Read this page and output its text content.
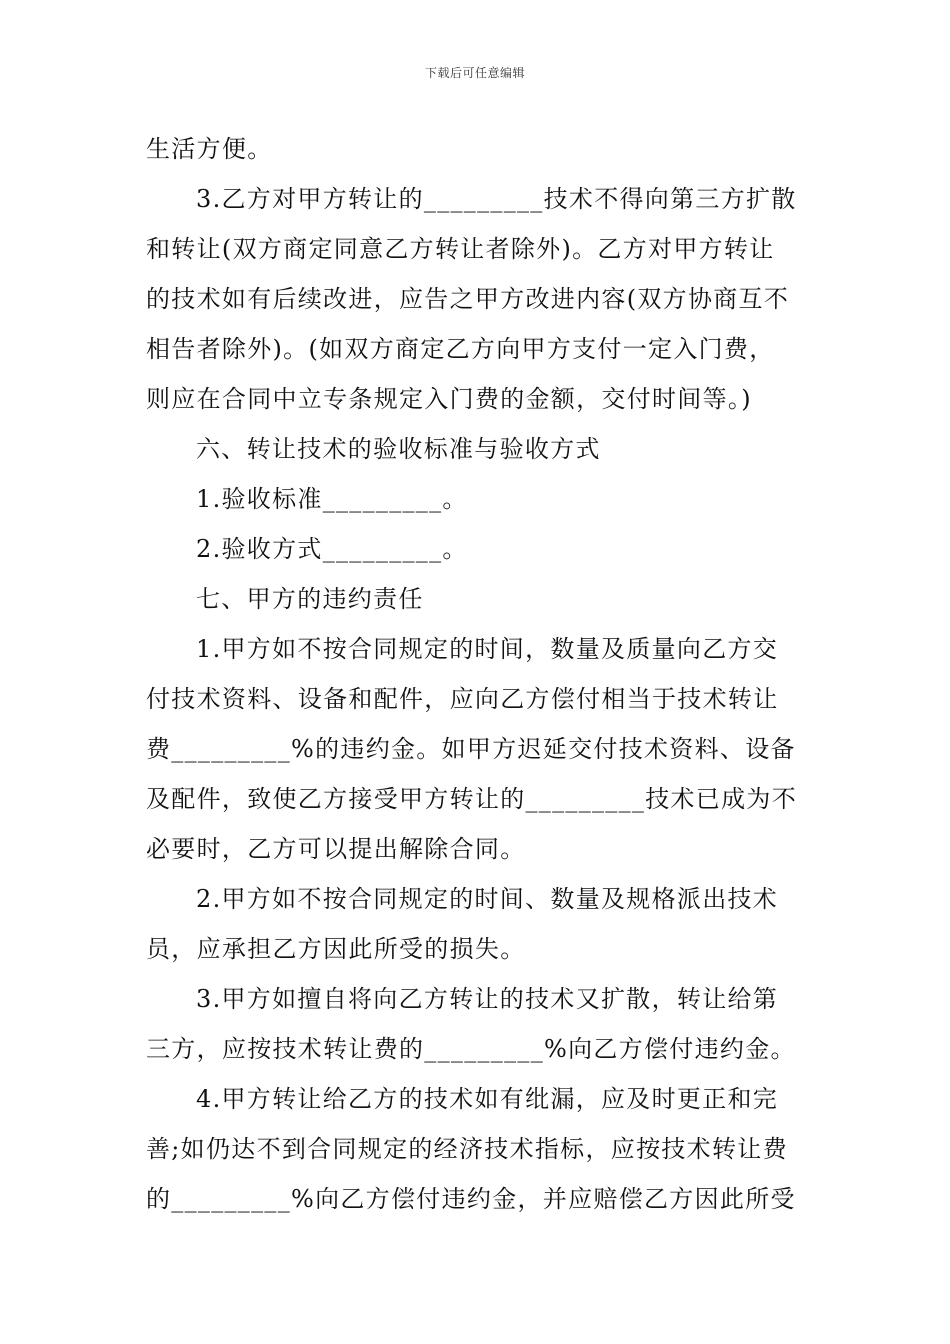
下载后可任意编辑
生活方便。
3.乙方对甲方转让的_________技术不得向第三方扩散
和转让(双方商定同意乙方转让者除外)。乙方对甲方转让
的技术如有后续改进，应告之甲方改进内容(双方协商互不
相告者除外)。(如双方商定乙方向甲方支付一定入门费，
则应在合同中立专条规定入门费的金额，交付时间等。)
六、转让技术的验收标准与验收方式
1.验收标准_________。
2.验收方式_________。
七、甲方的违约责任
1.甲方如不按合同规定的时间，数量及质量向乙方交
付技术资料、设备和配件，应向乙方偿付相当于技术转让
费_________%的违约金。如甲方迟延交付技术资料、设备
及配件，致使乙方接受甲方转让的_________技术已成为不
必要时，乙方可以提出解除合同。
2.甲方如不按合同规定的时间、数量及规格派出技术
员，应承担乙方因此所受的损失。
3.甲方如擅自将向乙方转让的技术又扩散，转让给第
三方，应按技术转让费的_________%向乙方偿付违约金。
4.甲方转让给乙方的技术如有纰漏，应及时更正和完
善;如仍达不到合同规定的经济技术指标，应按技术转让费
的_________%向乙方偿付违约金，并应赔偿乙方因此所受
